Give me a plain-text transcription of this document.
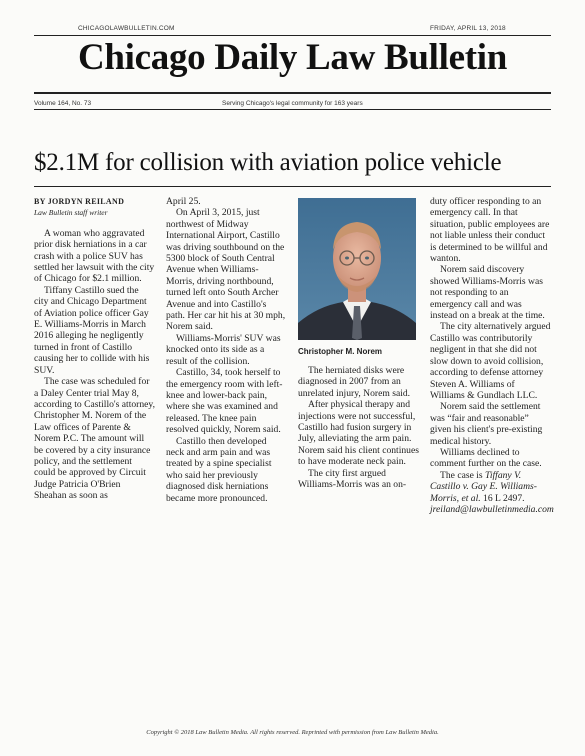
CHICAGOLAWBULLETIN.COM	FRIDAY, APRIL 13, 2018
Chicago Daily Law Bulletin
Volume 164, No. 73	Serving Chicago's legal community for 163 years
$2.1M for collision with aviation police vehicle
BY JORDYN REILAND
Law Bulletin staff writer

A woman who aggravated prior disk herniations in a car crash with a police SUV has settled her lawsuit with the city of Chicago for $2.1 million.

Tiffany Castillo sued the city and Chicago Department of Aviation police officer Gay E. Williams-Morris in March 2016 alleging he negligently turned in front of Castillo causing her to collide with his SUV.

The case was scheduled for a Daley Center trial May 8, according to Castillo's attorney, Christopher M. Norem of the Law offices of Parente & Norem P.C. The amount will be covered by a city insurance policy, and the settlement could be approved by Circuit Judge Patricia O'Brien Sheahan as soon as

April 25.

On April 3, 2015, just northwest of Midway International Airport, Castillo was driving southbound on the 5300 block of South Central Avenue when Williams-Morris, driving northbound, turned left onto South Archer Avenue and into Castillo's path. Her car hit his at 30 mph, Norem said.

Williams-Morris' SUV was knocked onto its side as a result of the collision.

Castillo, 34, took herself to the emergency room with left-knee and lower-back pain, where she was examined and released. The knee pain resolved quickly, Norem said.

Castillo then developed neck and arm pain and was treated by a spine specialist who said her previously diagnosed disk herniations became more pronounced.

Christopher M. Norem

The herniated disks were diagnosed in 2007 from an unrelated injury, Norem said.

After physical therapy and injections were not successful, Castillo had fusion surgery in July, alleviating the arm pain. Norem said his client continues to have moderate neck pain.

The city first argued Williams-Morris was an on-

duty officer responding to an emergency call. In that situation, public employees are not liable unless their conduct is determined to be willful and wanton.

Norem said discovery showed Williams-Morris was not responding to an emergency call and was instead on a break at the time.

The city alternatively argued Castillo was contributorily negligent in that she did not slow down to avoid collision, according to defense attorney Steven A. Williams of Williams & Gundlach LLC.

Norem said the settlement was “fair and reasonable” given his client's pre-existing medical history.

Williams declined to comment further on the case.

The case is Tiffany V. Castillo v. Gay E. Williams-Morris, et al. 16 L 2497.

jreiland@lawbulletinmedia.com

Copyright © 2018 Law Bulletin Media. All rights reserved. Reprinted with permission from Law Bulletin Media.
